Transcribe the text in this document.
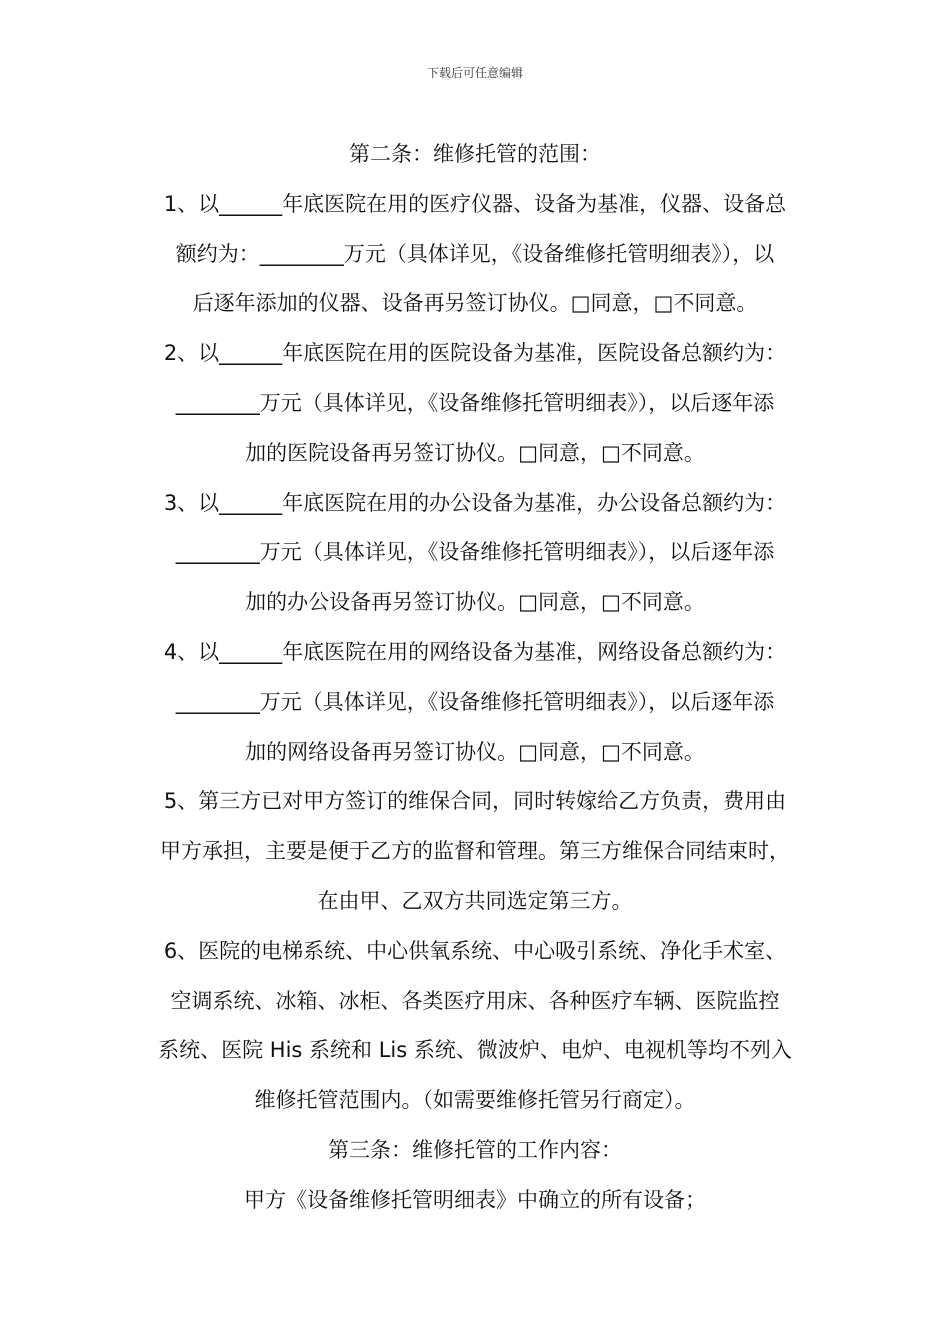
下载后可任意编辑

第二条：维修托管的范围：

1、以______年底医院在用的医疗仪器、设备为基准，仪器、设备总

额约为：________万元（具体详见，《设备维修托管明细表》），以

后逐年添加的仪器、设备再另签订协仪。□同意，□不同意。

2、以______年底医院在用的医院设备为基准，医院设备总额约为：

________万元（具体详见，《设备维修托管明细表》），以后逐年添

加的医院设备再另签订协仪。□同意，□不同意。

3、以______年底医院在用的办公设备为基准，办公设备总额约为：

________万元（具体详见，《设备维修托管明细表》），以后逐年添

加的办公设备再另签订协仪。□同意，□不同意。

4、以______年底医院在用的网络设备为基准，网络设备总额约为：

________万元（具体详见，《设备维修托管明细表》），以后逐年添

加的网络设备再另签订协仪。□同意，□不同意。

5、第三方已对甲方签订的维保合同，同时转嫁给乙方负责，费用由

甲方承担，主要是便于乙方的监督和管理。第三方维保合同结束时，

在由甲、乙双方共同选定第三方。

6、医院的电梯系统、中心供氧系统、中心吸引系统、净化手术室、

空调系统、冰箱、冰柜、各类医疗用床、各种医疗车辆、医院监控

系统、医院 His 系统和 Lis 系统、微波炉、电炉、电视机等均不列入

维修托管范围内。（如需要维修托管另行商定）。

第三条：维修托管的工作内容：

甲方《设备维修托管明细表》中确立的所有设备；
